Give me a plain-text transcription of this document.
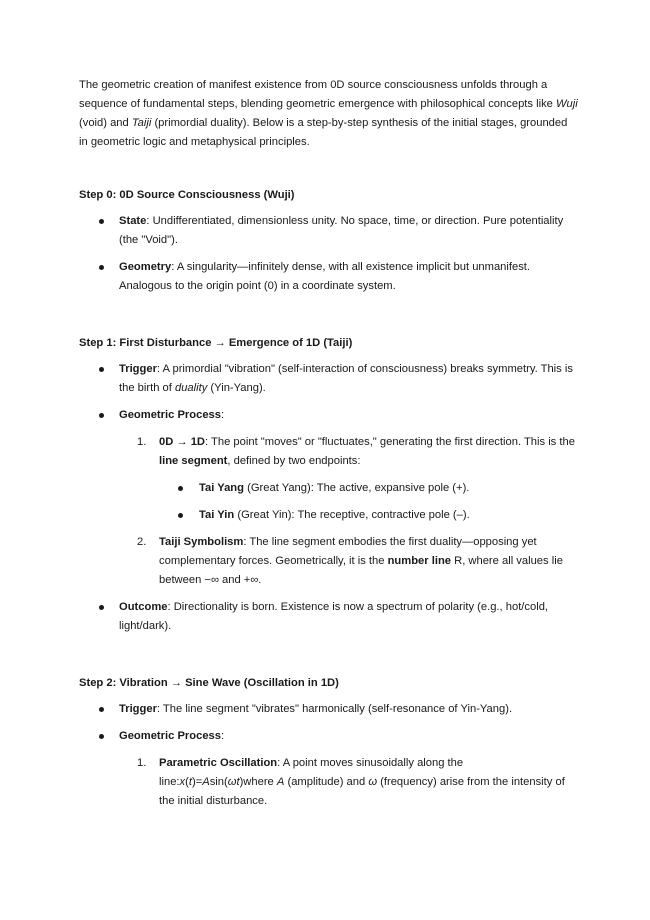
The geometric creation of manifest existence from 0D source consciousness unfolds through a sequence of fundamental steps, blending geometric emergence with philosophical concepts like Wuji (void) and Taiji (primordial duality). Below is a step-by-step synthesis of the initial stages, grounded in geometric logic and metaphysical principles.

Step 0: 0D Source Consciousness (Wuji)

State: Undifferentiated, dimensionless unity. No space, time, or direction. Pure potentiality (the "Void").
Geometry: A singularity—infinitely dense, with all existence implicit but unmanifest. Analogous to the origin point (0) in a coordinate system.

Step 1: First Disturbance → Emergence of 1D (Taiji)

Trigger: A primordial "vibration" (self-interaction of consciousness) breaks symmetry. This is the birth of duality (Yin-Yang).
Geometric Process:
1. 0D → 1D: The point "moves" or "fluctuates," generating the first direction. This is the line segment, defined by two endpoints:
Tai Yang (Great Yang): The active, expansive pole (+).
Tai Yin (Great Yin): The receptive, contractive pole (–).
2. Taiji Symbolism: The line segment embodies the first duality—opposing yet complementary forces. Geometrically, it is the number line R, where all values lie between −∞ and +∞.
Outcome: Directionality is born. Existence is now a spectrum of polarity (e.g., hot/cold, light/dark).

Step 2: Vibration → Sine Wave (Oscillation in 1D)

Trigger: The line segment "vibrates" harmonically (self-resonance of Yin-Yang).
Geometric Process:
1. Parametric Oscillation: A point moves sinusoidally along the line:x(t)=Asin(ωt)where A (amplitude) and ω (frequency) arise from the intensity of the initial disturbance.
